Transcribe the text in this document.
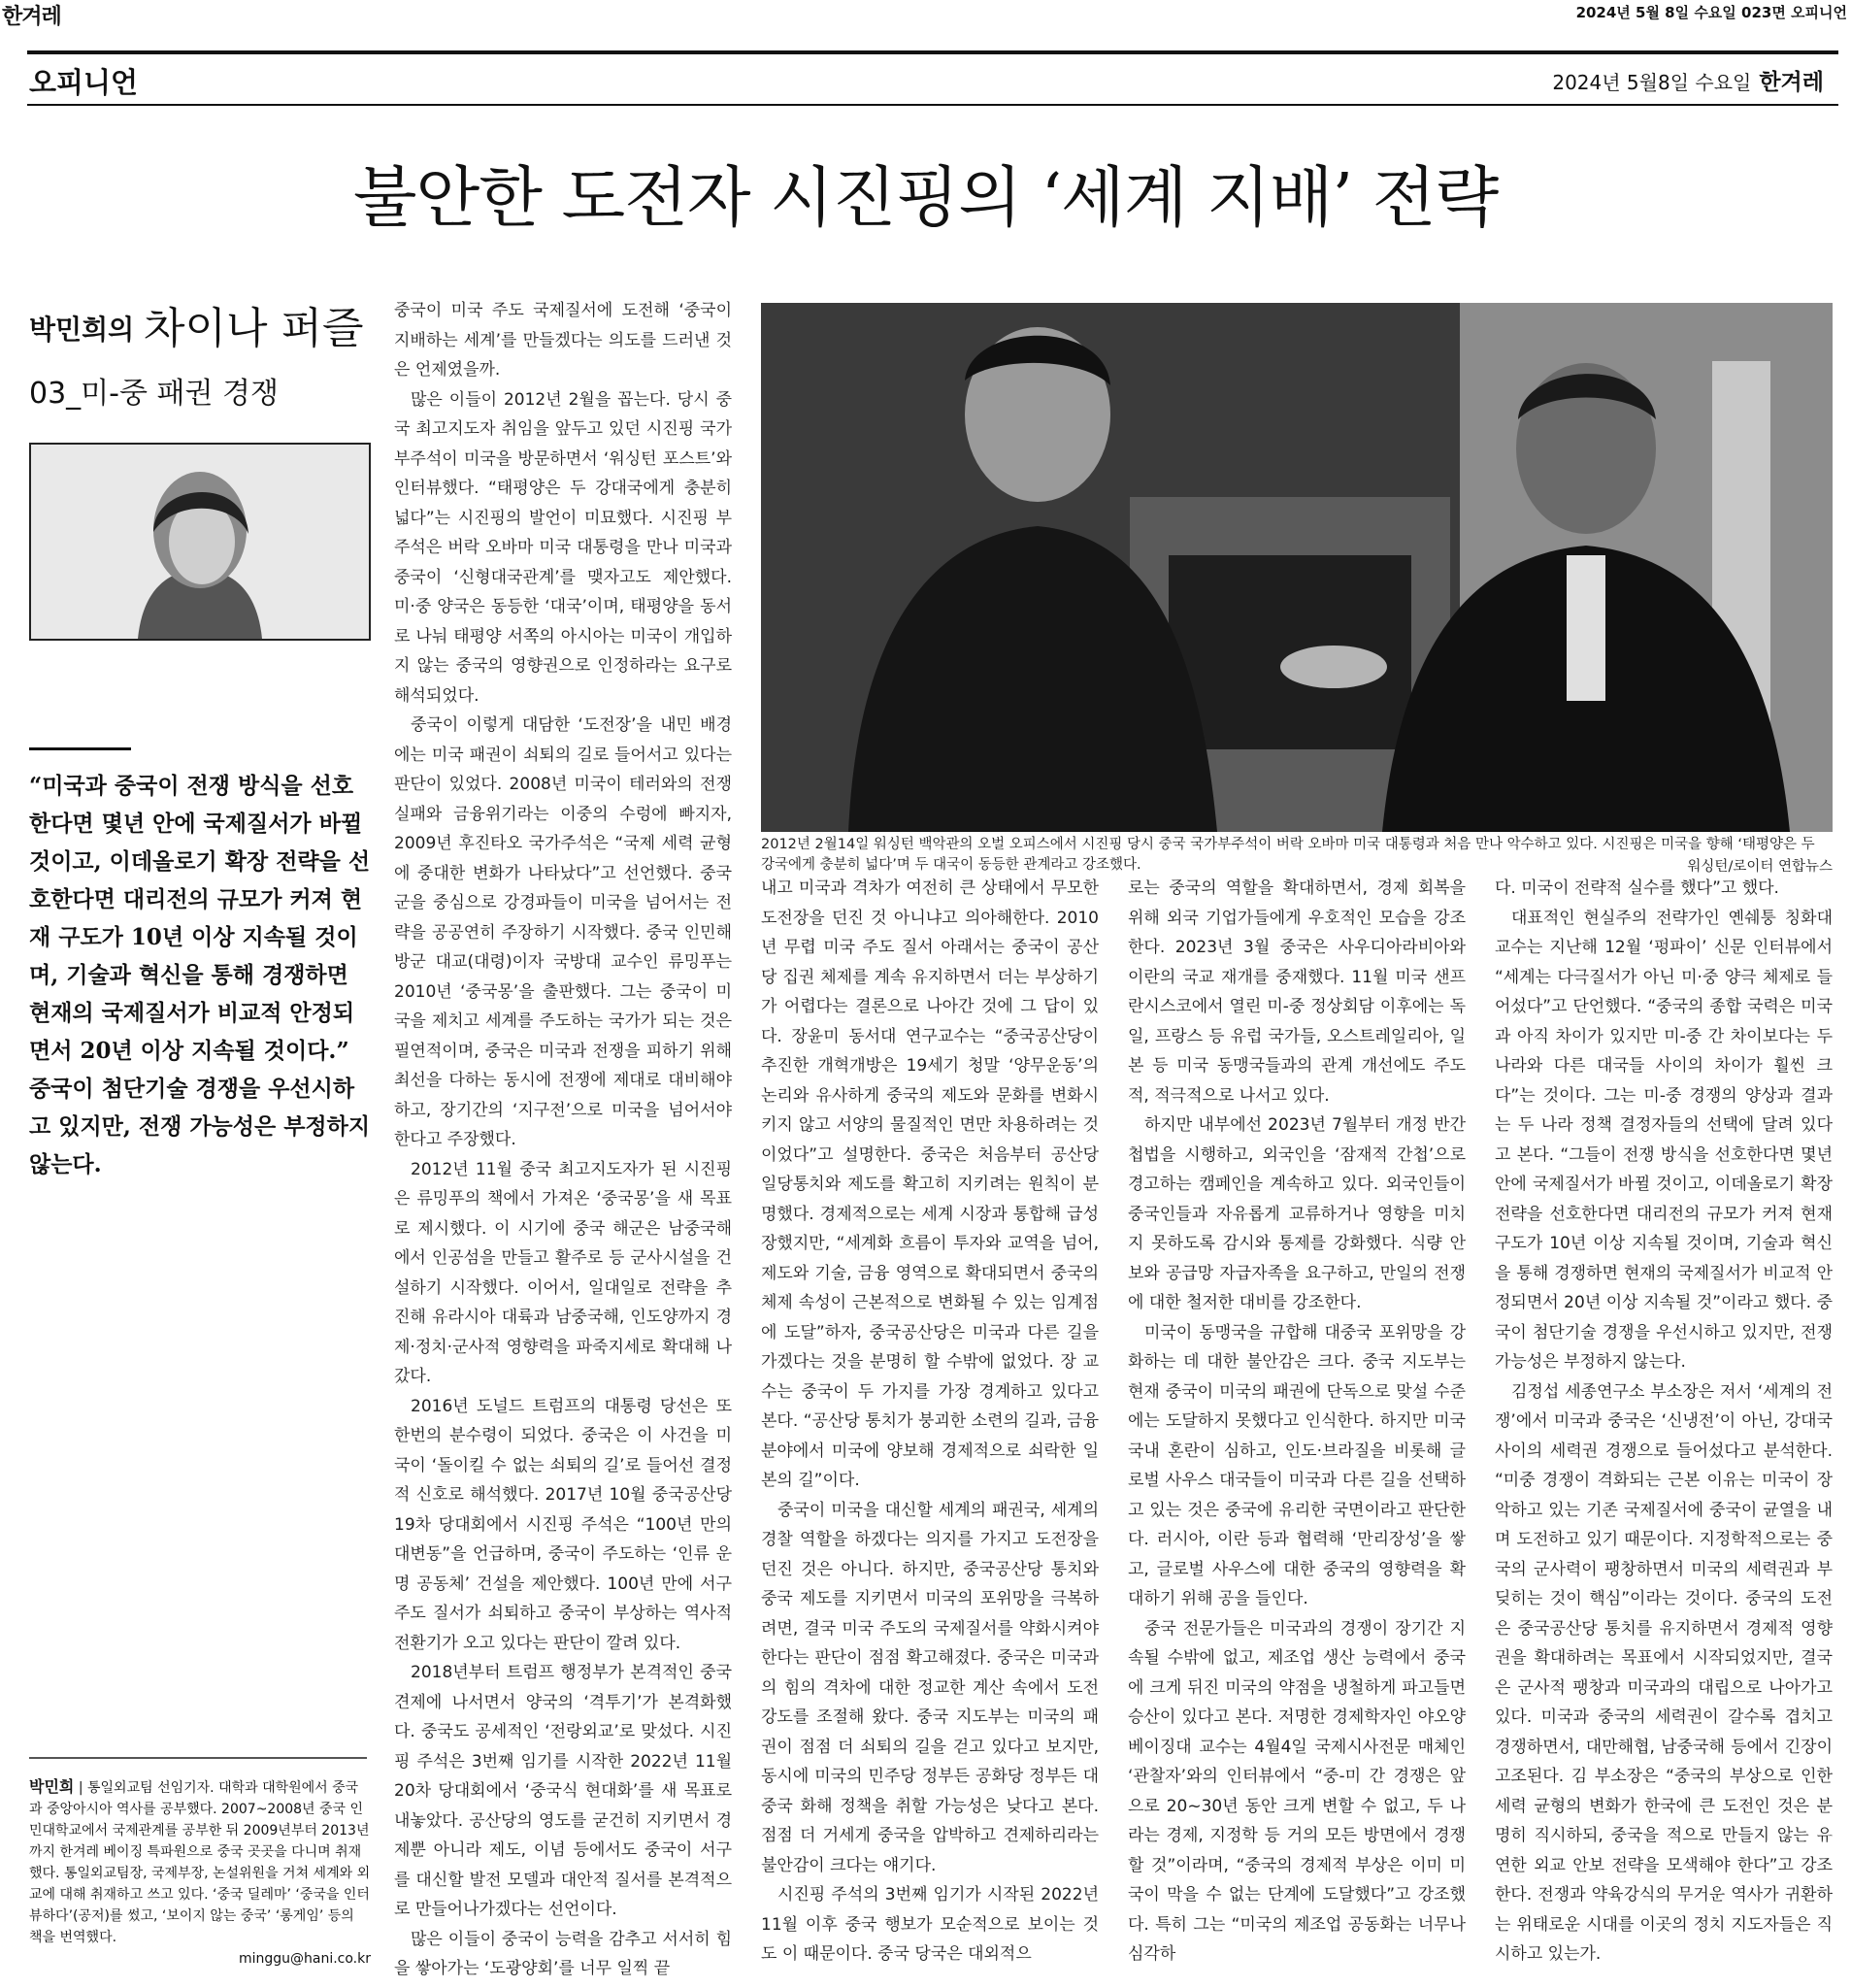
한겨레	2024년 5월 8일 수요일 023면 오피니언
오피니언	2024년 5월8일 수요일 한겨레
불안한 도전자 시진핑의 ‘세계 지배’ 전략
박민희의 차이나 퍼즐
03_미-중 패권 경쟁
“미국과 중국이 전쟁 방식을 선호한다면 몇년 안에 국제질서가 바뀔 것이고, 이데올로기 확장 전략을 선호한다면 대리전의 규모가 커져 현재 구도가 10년 이상 지속될 것이며, 기술과 혁신을 통해 경쟁하면 현재의 국제질서가 비교적 안정되면서 20년 이상 지속될 것이다.” 중국이 첨단기술 경쟁을 우선시하고 있지만, 전쟁 가능성은 부정하지 않는다.
박민희 | 통일외교팀 선임기자. 대학과 대학원에서 중국과 중앙아시아 역사를 공부했다. 2007~2008년 중국 인민대학교에서 국제관계를 공부한 뒤 2009년부터 2013년까지 한겨레 베이징 특파원으로 중국 곳곳을 다니며 취재했다. 통일외교팀장, 국제부장, 논설위원을 거쳐 세계와 외교에 대해 취재하고 쓰고 있다. ‘중국 딜레마’ ‘중국을 인터뷰하다’(공저)를 썼고, ‘보이지 않는 중국’ ‘롱게임’ 등의 책을 번역했다.
minggu@hani.co.kr

중국이 미국 주도 국제질서에 도전해 ‘중국이 지배하는 세계’를 만들겠다는 의도를 드러낸 것은 언제였을까.

많은 이들이 2012년 2월을 꼽는다. 당시 중국 최고지도자 취임을 앞두고 있던 시진핑 국가부주석이 미국을 방문하면서 ‘워싱턴 포스트’와 인터뷰했다. “태평양은 두 강대국에게 충분히 넓다”는 시진핑의 발언이 미묘했다. 시진핑 부주석은 버락 오바마 미국 대통령을 만나 미국과 중국이 ‘신형대국관계’를 맺자고도 제안했다. 미·중 양국은 동등한 ‘대국’이며, 태평양을 동서로 나눠 태평양 서쪽의 아시아는 미국이 개입하지 않는 중국의 영향권으로 인정하라는 요구로 해석되었다.

중국이 이렇게 대담한 ‘도전장’을 내민 배경에는 미국 패권이 쇠퇴의 길로 들어서고 있다는 판단이 있었다. 2008년 미국이 테러와의 전쟁 실패와 금융위기라는 이중의 수렁에 빠지자, 2009년 후진타오 국가주석은 “국제 세력 균형에 중대한 변화가 나타났다”고 선언했다. 중국군을 중심으로 강경파들이 미국을 넘어서는 전략을 공공연히 주장하기 시작했다. 중국 인민해방군 대교(대령)이자 국방대 교수인 류밍푸는 2010년 ‘중국몽’을 출판했다. 그는 중국이 미국을 제치고 세계를 주도하는 국가가 되는 것은 필연적이며, 중국은 미국과 전쟁을 피하기 위해 최선을 다하는 동시에 전쟁에 제대로 대비해야 하고, 장기간의 ‘지구전’으로 미국을 넘어서야 한다고 주장했다.

2012년 11월 중국 최고지도자가 된 시진핑은 류밍푸의 책에서 가져온 ‘중국몽’을 새 목표로 제시했다. 이 시기에 중국 해군은 남중국해에서 인공섬을 만들고 활주로 등 군사시설을 건설하기 시작했다. 이어서, 일대일로 전략을 추진해 유라시아 대륙과 남중국해, 인도양까지 경제·정치·군사적 영향력을 파죽지세로 확대해 나갔다.

2016년 도널드 트럼프의 대통령 당선은 또 한번의 분수령이 되었다. 중국은 이 사건을 미국이 ‘돌이킬 수 없는 쇠퇴의 길’로 들어선 결정적 신호로 해석했다. 2017년 10월 중국공산당 19차 당대회에서 시진핑 주석은 “100년 만의 대변동”을 언급하며, 중국이 주도하는 ‘인류 운명 공동체’ 건설을 제안했다. 100년 만에 서구 주도 질서가 쇠퇴하고 중국이 부상하는 역사적 전환기가 오고 있다는 판단이 깔려 있다.

2018년부터 트럼프 행정부가 본격적인 중국 견제에 나서면서 양국의 ‘격투기’가 본격화했다. 중국도 공세적인 ‘전랑외교’로 맞섰다. 시진핑 주석은 3번째 임기를 시작한 2022년 11월 20차 당대회에서 ‘중국식 현대화’를 새 목표로 내놓았다. 공산당의 영도를 굳건히 지키면서 경제뿐 아니라 제도, 이념 등에서도 중국이 서구를 대신할 발전 모델과 대안적 질서를 본격적으로 만들어나가겠다는 선언이다.

많은 이들이 중국이 능력을 감추고 서서히 힘을 쌓아가는 ‘도광양회’를 너무 일찍 끝

2012년 2월14일 워싱턴 백악관의 오벌 오피스에서 시진핑 당시 중국 국가부주석이 버락 오바마 미국 대통령과 처음 만나 악수하고 있다. 시진핑은 미국을 향해 ‘태평양은 두 강국에게 충분히 넓다’며 두 대국이 동등한 관계라고 강조했다.	워싱턴/로이터 연합뉴스

내고 미국과 격차가 여전히 큰 상태에서 무모한 도전장을 던진 것 아니냐고 의아해한다. 2010년 무렵 미국 주도 질서 아래서는 중국이 공산당 집권 체제를 계속 유지하면서 더는 부상하기가 어렵다는 결론으로 나아간 것에 그 답이 있다. 장윤미 동서대 연구교수는 “중국공산당이 추진한 개혁개방은 19세기 청말 ‘양무운동’의 논리와 유사하게 중국의 제도와 문화를 변화시키지 않고 서양의 물질적인 면만 차용하려는 것이었다”고 설명한다. 중국은 처음부터 공산당 일당통치와 제도를 확고히 지키려는 원칙이 분명했다. 경제적으로는 세계 시장과 통합해 급성장했지만, “세계화 흐름이 투자와 교역을 넘어, 제도와 기술, 금융 영역으로 확대되면서 중국의 체제 속성이 근본적으로 변화될 수 있는 임계점에 도달”하자, 중국공산당은 미국과 다른 길을 가겠다는 것을 분명히 할 수밖에 없었다. 장 교수는 중국이 두 가지를 가장 경계하고 있다고 본다. “공산당 통치가 붕괴한 소련의 길과, 금융 분야에서 미국에 양보해 경제적으로 쇠락한 일본의 길”이다.

중국이 미국을 대신할 세계의 패권국, 세계의 경찰 역할을 하겠다는 의지를 가지고 도전장을 던진 것은 아니다. 하지만, 중국공산당 통치와 중국 제도를 지키면서 미국의 포위망을 극복하려면, 결국 미국 주도의 국제질서를 약화시켜야 한다는 판단이 점점 확고해졌다. 중국은 미국과의 힘의 격차에 대한 정교한 계산 속에서 도전 강도를 조절해 왔다. 중국 지도부는 미국의 패권이 점점 더 쇠퇴의 길을 걷고 있다고 보지만, 동시에 미국의 민주당 정부든 공화당 정부든 대중국 화해 정책을 취할 가능성은 낮다고 본다. 점점 더 거세게 중국을 압박하고 견제하리라는 불안감이 크다는 얘기다.

시진핑 주석의 3번째 임기가 시작된 2022년 11월 이후 중국 행보가 모순적으로 보이는 것도 이 때문이다. 중국 당국은 대외적으

로는 중국의 역할을 확대하면서, 경제 회복을 위해 외국 기업가들에게 우호적인 모습을 강조한다. 2023년 3월 중국은 사우디아라비아와 이란의 국교 재개를 중재했다. 11월 미국 샌프란시스코에서 열린 미-중 정상회담 이후에는 독일, 프랑스 등 유럽 국가들, 오스트레일리아, 일본 등 미국 동맹국들과의 관계 개선에도 주도적, 적극적으로 나서고 있다.

하지만 내부에선 2023년 7월부터 개정 반간첩법을 시행하고, 외국인을 ‘잠재적 간첩’으로 경고하는 캠페인을 계속하고 있다. 외국인들이 중국인들과 자유롭게 교류하거나 영향을 미치지 못하도록 감시와 통제를 강화했다. 식량 안보와 공급망 자급자족을 요구하고, 만일의 전쟁에 대한 철저한 대비를 강조한다.

미국이 동맹국을 규합해 대중국 포위망을 강화하는 데 대한 불안감은 크다. 중국 지도부는 현재 중국이 미국의 패권에 단독으로 맞설 수준에는 도달하지 못했다고 인식한다. 하지만 미국 국내 혼란이 심하고, 인도·브라질을 비롯해 글로벌 사우스 대국들이 미국과 다른 길을 선택하고 있는 것은 중국에 유리한 국면이라고 판단한다. 러시아, 이란 등과 협력해 ‘만리장성’을 쌓고, 글로벌 사우스에 대한 중국의 영향력을 확대하기 위해 공을 들인다.

중국 전문가들은 미국과의 경쟁이 장기간 지속될 수밖에 없고, 제조업 생산 능력에서 중국에 크게 뒤진 미국의 약점을 냉철하게 파고들면 승산이 있다고 본다. 저명한 경제학자인 야오양 베이징대 교수는 4월4일 국제시사전문 매체인 ‘관찰자’와의 인터뷰에서 “중-미 간 경쟁은 앞으로 20~30년 동안 크게 변할 수 없고, 두 나라는 경제, 지정학 등 거의 모든 방면에서 경쟁할 것”이라며, “중국의 경제적 부상은 이미 미국이 막을 수 없는 단계에 도달했다”고 강조했다. 특히 그는 “미국의 제조업 공동화는 너무나 심각하

다. 미국이 전략적 실수를 했다”고 했다.

대표적인 현실주의 전략가인 옌쉐퉁 칭화대 교수는 지난해 12월 ‘펑파이’ 신문 인터뷰에서 “세계는 다극질서가 아닌 미·중 양극 체제로 들어섰다”고 단언했다. “중국의 종합 국력은 미국과 아직 차이가 있지만 미-중 간 차이보다는 두 나라와 다른 대국들 사이의 차이가 훨씬 크다”는 것이다. 그는 미-중 경쟁의 양상과 결과는 두 나라 정책 결정자들의 선택에 달려 있다고 본다. “그들이 전쟁 방식을 선호한다면 몇년 안에 국제질서가 바뀔 것이고, 이데올로기 확장 전략을 선호한다면 대리전의 규모가 커져 현재 구도가 10년 이상 지속될 것이며, 기술과 혁신을 통해 경쟁하면 현재의 국제질서가 비교적 안정되면서 20년 이상 지속될 것”이라고 했다. 중국이 첨단기술 경쟁을 우선시하고 있지만, 전쟁 가능성은 부정하지 않는다.

김정섭 세종연구소 부소장은 저서 ‘세계의 전쟁’에서 미국과 중국은 ‘신냉전’이 아닌, 강대국 사이의 세력권 경쟁으로 들어섰다고 분석한다. “미중 경쟁이 격화되는 근본 이유는 미국이 장악하고 있는 기존 국제질서에 중국이 균열을 내며 도전하고 있기 때문이다. 지정학적으로는 중국의 군사력이 팽창하면서 미국의 세력권과 부딪히는 것이 핵심”이라는 것이다. 중국의 도전은 중국공산당 통치를 유지하면서 경제적 영향권을 확대하려는 목표에서 시작되었지만, 결국은 군사적 팽창과 미국과의 대립으로 나아가고 있다. 미국과 중국의 세력권이 갈수록 겹치고 경쟁하면서, 대만해협, 남중국해 등에서 긴장이 고조된다. 김 부소장은 “중국의 부상으로 인한 세력 균형의 변화가 한국에 큰 도전인 것은 분명히 직시하되, 중국을 적으로 만들지 않는 유연한 외교 안보 전략을 모색해야 한다”고 강조한다. 전쟁과 약육강식의 무거운 역사가 귀환하는 위태로운 시대를 이곳의 정치 지도자들은 직시하고 있는가.
